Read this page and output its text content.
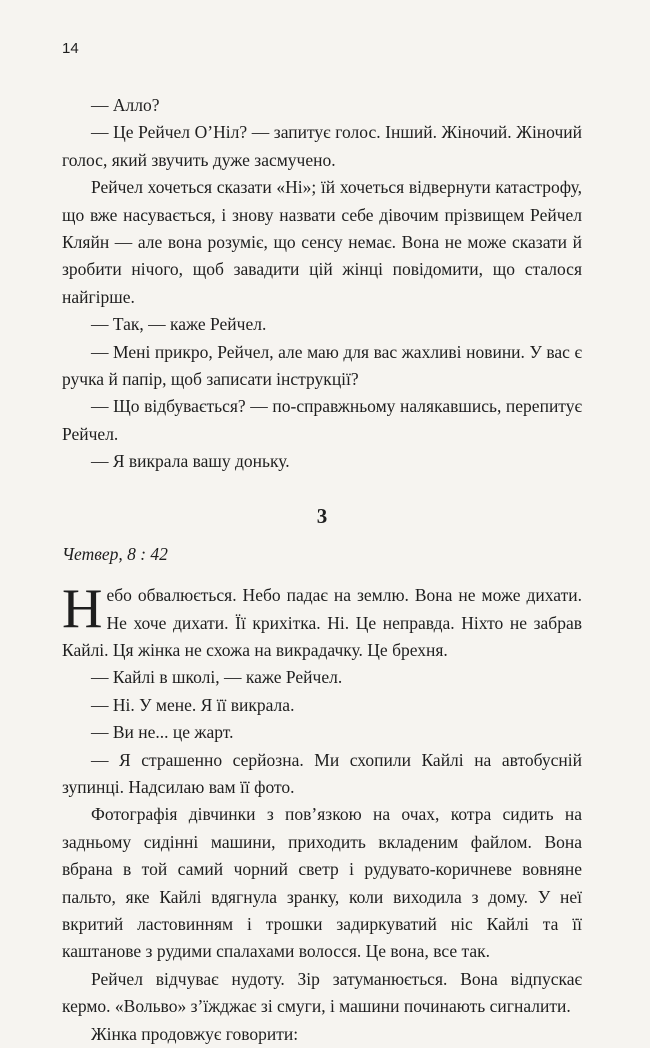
14

— Алло?

— Це Рейчел О’Ніл? — запитує голос. Інший. Жіночий. Жіночий голос, який звучить дуже засмучено.

Рейчел хочеться сказати «Ні»; їй хочеться відвернути катастрофу, що вже насувається, і знову назвати себе дівочим прізвищем Рейчел Кляйн — але вона розуміє, що сенсу немає. Вона не може сказати й зробити нічого, щоб завадити цій жінці повідомити, що сталося найгірше.

— Так, — каже Рейчел.

— Мені прикро, Рейчел, але маю для вас жахливі новини. У вас є ручка й папір, щоб записати інструкції?

— Що відбувається? — по-справжньому налякавшись, перепитує Рейчел.

— Я викрала вашу доньку.

3
Четвер, 8 : 42

Небо обвалюється. Небо падає на землю. Вона не може дихати. Не хоче дихати. Її крихітка. Ні. Це неправда. Ніхто не забрав Кайлі. Ця жінка не схожа на викрадачку. Це брехня.

— Кайлі в школі, — каже Рейчел.

— Ні. У мене. Я її викрала.

— Ви не... це жарт.

— Я страшенно серйозна. Ми схопили Кайлі на автобусній зупинці. Надсилаю вам її фото.

Фотографія дівчинки з пов’язкою на очах, котра сидить на задньому сидінні машини, приходить вкладеним файлом. Вона вбрана в той самий чорний светр і рудувато-коричневе вовняне пальто, яке Кайлі вдягнула зранку, коли виходила з дому. У неї вкритий ластовинням і трошки задиркуватий ніс Кайлі та її каштанове з рудими спалахами волосся. Це вона, все так.

Рейчел відчуває нудоту. Зір затуманюється. Вона відпускає кермо. «Вольво» з’їжджає зі смуги, і машини починають сигналити.

Жінка продовжує говорити:
